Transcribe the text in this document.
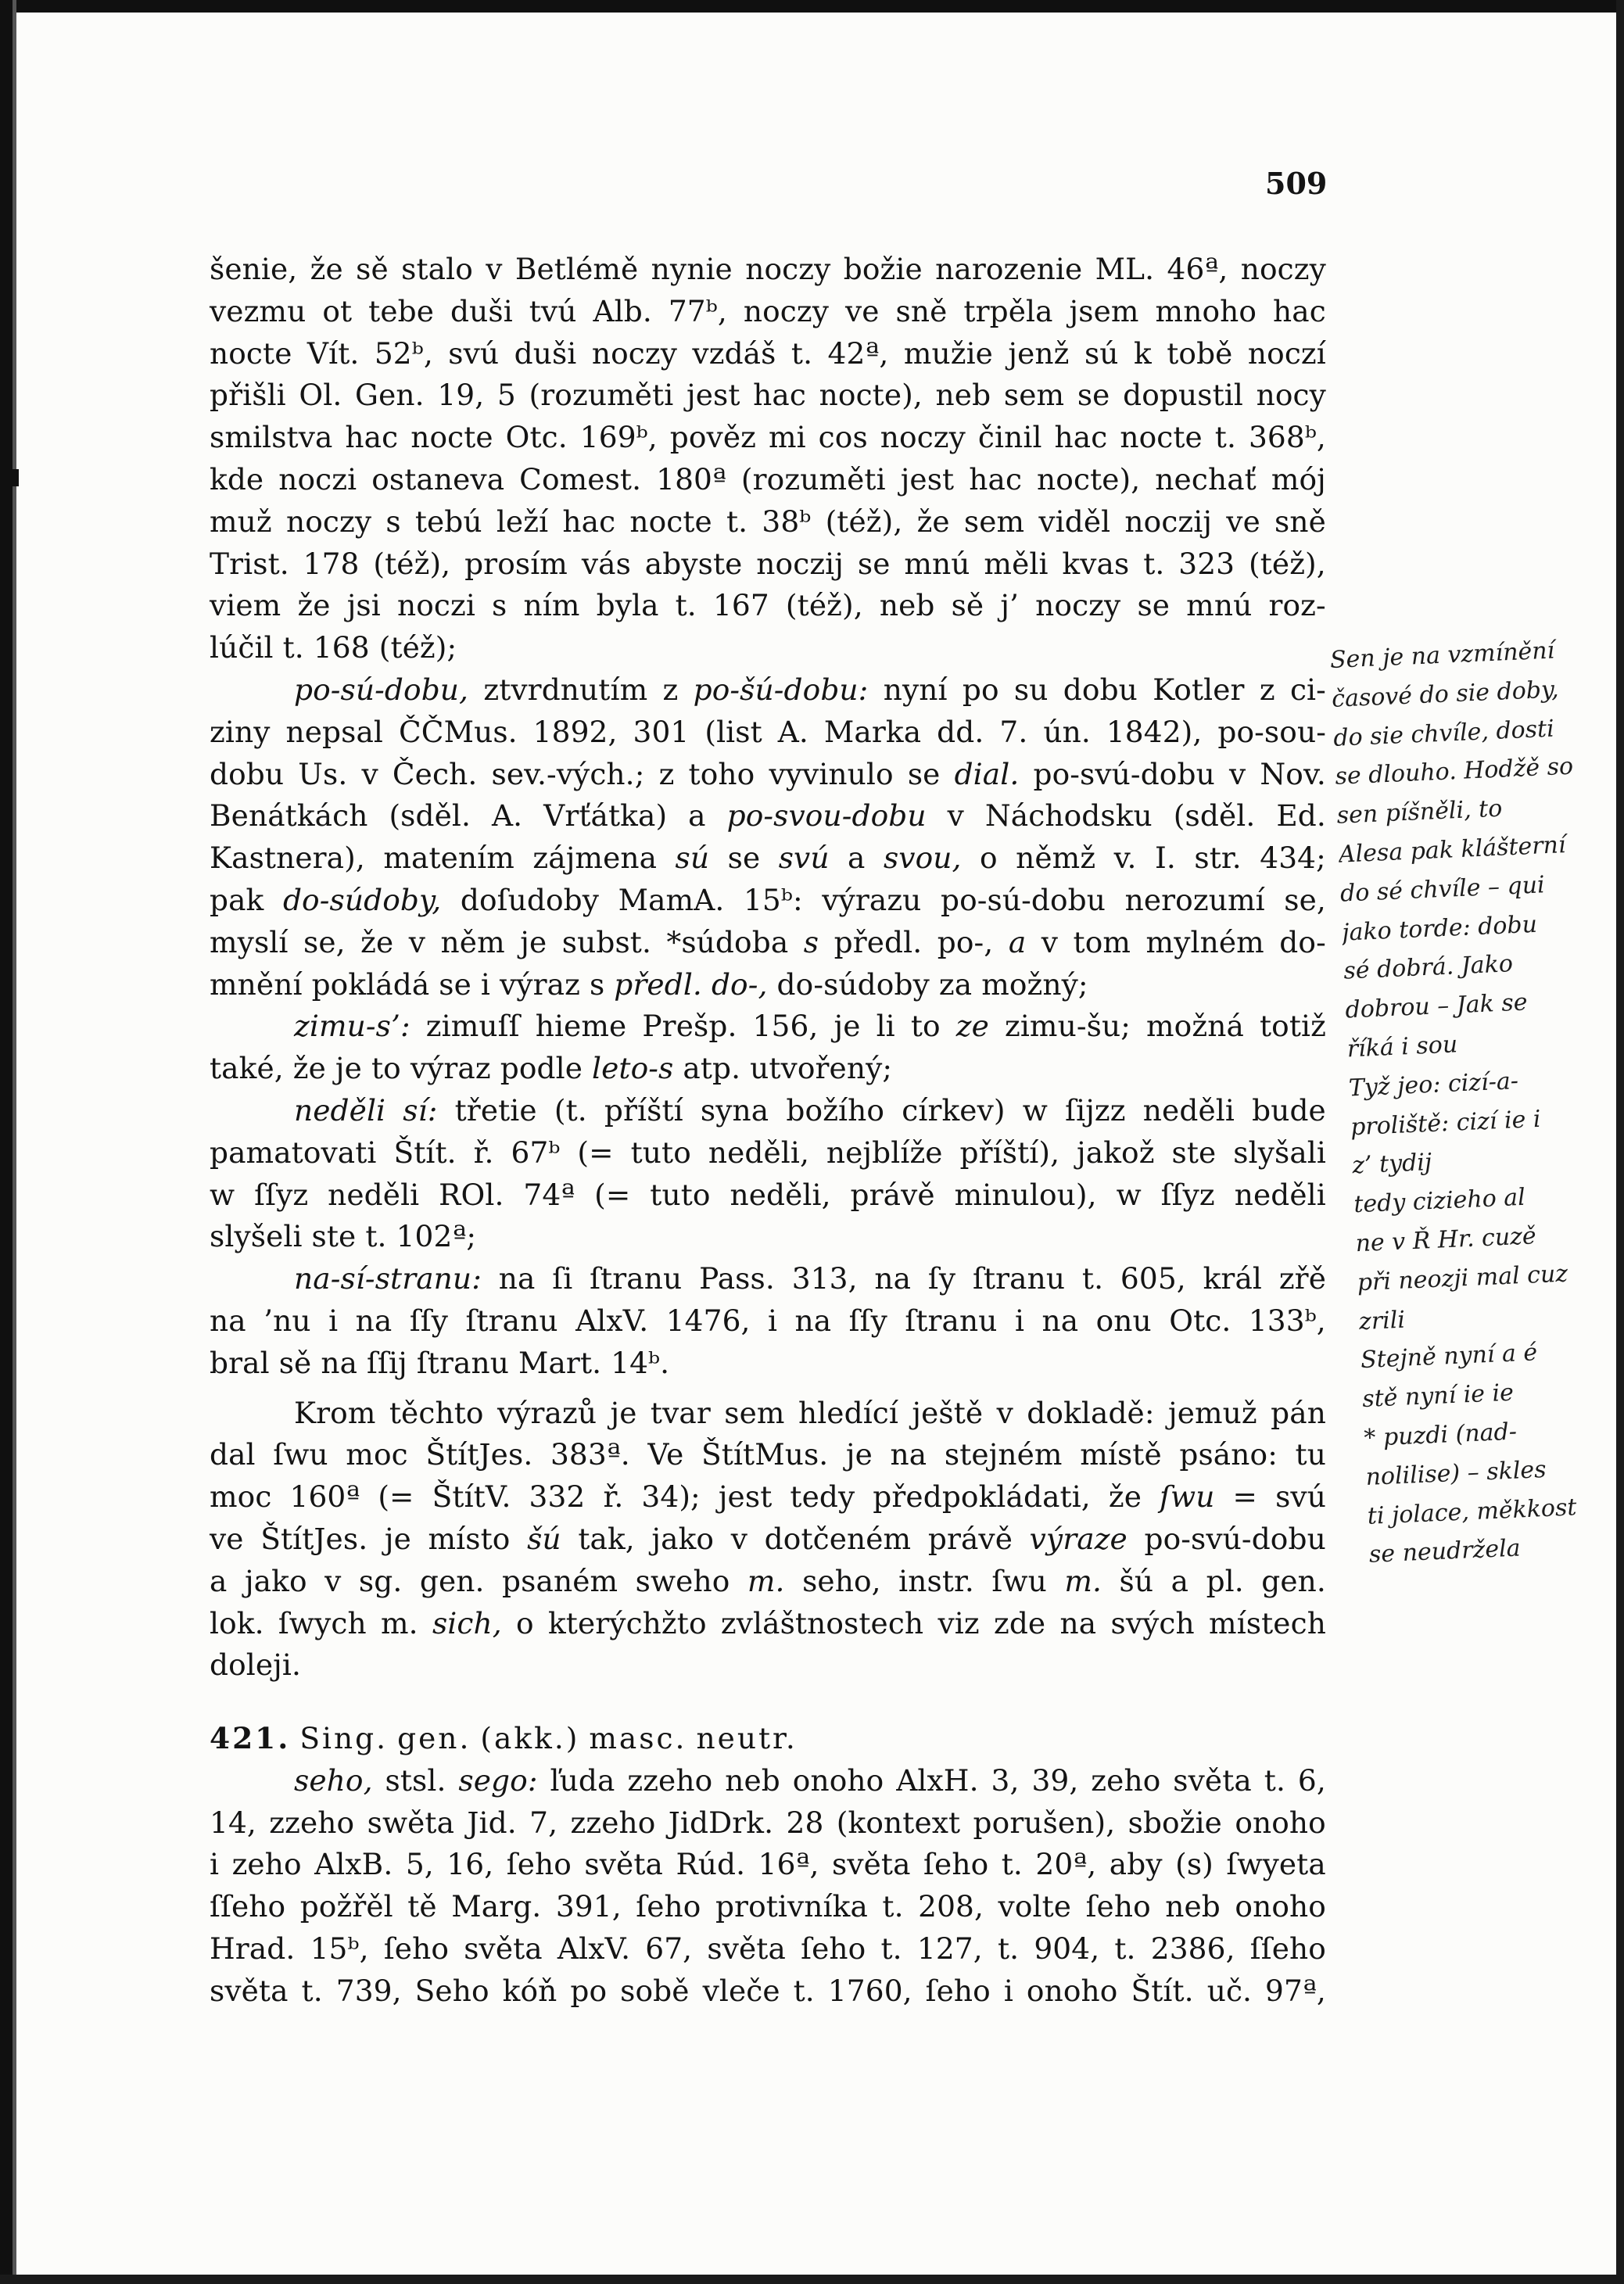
509
šenie, že sě stalo v Betlémě nynie noczy božie narozenie ML. 46ª, noczy
vezmu ot tebe duši tvú Alb. 77ᵇ, noczy ve sně trpěla jsem mnoho hac
nocte Vít. 52ᵇ, svú duši noczy vzdáš t. 42ª, mužie jenž sú k tobě noczí
přišli Ol. Gen. 19, 5 (rozuměti jest hac nocte), neb sem se dopustil nocy
smilstva hac nocte Otc. 169ᵇ, pověz mi cos noczy činil hac nocte t. 368ᵇ,
kde noczi ostaneva Comest. 180ª (rozuměti jest hac nocte), nechať mój
muž noczy s tebú leží hac nocte t. 38ᵇ (též), že sem viděl noczij ve sně
Trist. 178 (též), prosím vás abyste noczij se mnú měli kvas t. 323 (též),
viem že jsi noczi s ním byla t. 167 (též), neb sě j’ noczy se mnú roz-
lúčil t. 168 (též);
po-sú-dobu, ztvrdnutím z po-šú-dobu: nyní po su dobu Kotler z ci-
ziny nepsal ČČMus. 1892, 301 (list A. Marka dd. 7. ún. 1842), po-sou-
dobu Us. v Čech. sev.-vých.; z toho vyvinulo se dial. po-svú-dobu v Nov.
Benátkách (sděl. A. Vrťátka) a po-svou-dobu v Náchodsku (sděl. Ed.
Kastnera), matením zájmena sú se svú a svou, o němž v. I. str. 434;
pak do-súdoby, doſudoby MamA. 15ᵇ: výrazu po-sú-dobu nerozumí se,
myslí se, že v něm je subst. *súdoba s předl. po-, a v tom mylném do-
mnění pokládá se i výraz s předl. do-, do-súdoby za možný;
zimu-s’: zimuſſ hieme Prešp. 156, je li to ze zimu-šu; možná totiž
také, že je to výraz podle leto-s atp. utvořený;
neděli sí: třetie (t. příští syna božího církev) w ſijzz neděli bude
pamatovati Štít. ř. 67ᵇ (= tuto neděli, nejblíže příští), jakož ste slyšali
w ſſyz neděli ROl. 74ª (= tuto neděli, právě minulou), w ſſyz neděli
slyšeli ste t. 102ª;
na-sí-stranu: na ſi ſtranu Pass. 313, na ſy ſtranu t. 605, král zřě
na ’nu i na ſſy ſtranu AlxV. 1476, i na ſſy ſtranu i na onu Otc. 133ᵇ,
bral sě na ſſij ſtranu Mart. 14ᵇ.
Krom těchto výrazů je tvar sem hledící ještě v dokladě: jemuž pán
dal ſwu moc ŠtítJes. 383ª. Ve ŠtítMus. je na stejném místě psáno: tu
moc 160ª (= ŠtítV. 332 ř. 34); jest tedy předpokládati, že ſwu = svú
ve ŠtítJes. je místo šú tak, jako v dotčeném právě výraze po-svú-dobu
a jako v sg. gen. psaném sweho m. seho, instr. ſwu m. šú a pl. gen.
lok. ſwych m. sich, o kterýchžto zvláštnostech viz zde na svých místech
doleji.
421. Sing. gen. (akk.) masc. neutr.
seho, stsl. sego: ľuda zzeho neb onoho AlxH. 3, 39, zeho světa t. 6,
14, zzeho swěta Jid. 7, zzeho JidDrk. 28 (kontext porušen), sbožie onoho
i zeho AlxB. 5, 16, ſeho světa Rúd. 16ª, světa ſeho t. 20ª, aby (s) ſwyeta
ſſeho požřěl tě Marg. 391, ſeho protivníka t. 208, volte ſeho neb onoho
Hrad. 15ᵇ, ſeho světa AlxV. 67, světa ſeho t. 127, t. 904, t. 2386, ſſeho
světa t. 739, Seho kóň po sobě vleče t. 1760, ſeho i onoho Štít. uč. 97ª,
Sen je na vzmínění
časové do sie doby,
do sie chvíle, dosti
se dlouho. Hodžě so
sen píšněli, to
Alesa pak klášterní
do sé chvíle – qui
jako torde: dobu
sé dobrá. Jako
dobrou – Jak se
říká i sou
Tyž jeo: cizí-a-
proliště: cizí ie i
z’ tydij
tedy cizieho al
ne v Ř Hr. cuzě
při neozji mal cuz
zrili
Stejně nyní a é
stě nyní ie ie
* puzdi (nad-
nolilise) – skles
ti jolace, měkkost
se neudržela
